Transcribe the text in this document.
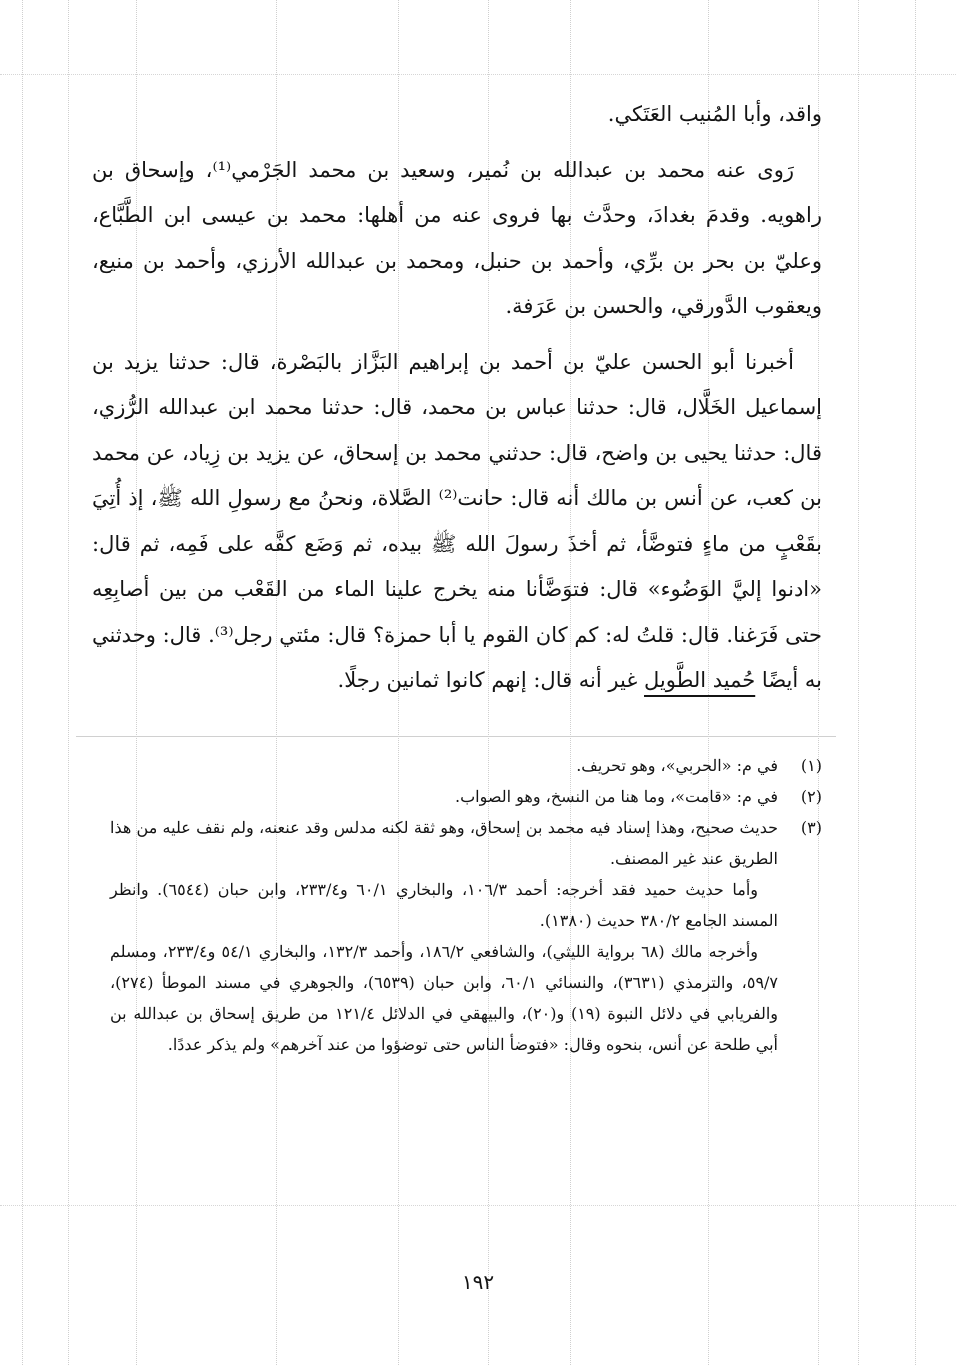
واقد، وأبا المُنيب العَتَكي.

رَوى عنه محمد بن عبدالله بن نُمير، وسعيد بن محمد الجَرْمي⁽¹⁾، وإسحاق بن راهويه. وقدمَ بغدادَ، وحدَّث بها فروى عنه من أهلها: محمد بن عيسى ابن الطَّبَّاع، وعليّ بن بحر بن برِّي، وأحمد بن حنبل، ومحمد بن عبدالله الأرزي، وأحمد بن منيع، ويعقوب الدَّورقي، والحسن بن عَرَفة.

أخبرنا أبو الحسن عليّ بن أحمد بن إبراهيم البَزَّاز بالبَصْرة، قال: حدثنا يزيد بن إسماعيل الخَلَّال، قال: حدثنا عباس بن محمد، قال: حدثنا محمد ابن عبدالله الرُّزي، قال: حدثنا يحيى بن واضح، قال: حدثني محمد بن إسحاق، عن يزيد بن زِياد، عن محمد بن كعب، عن أنس بن مالك أنه قال: حانت⁽²⁾ الصَّلاة، ونحنُ مع رسولِ الله ﷺ، إذ أُتِيَ بقَعْبٍ من ماءٍ فتوضَّأ، ثم أخذَ رسولَ الله ﷺ بيده، ثم وَضَع كفَّه على فَمِه، ثم قال: «ادنوا إليَّ الوَضُوء» قال: فتوَضَّأنا منه يخرج علينا الماء من القَعْب من بين أصابِعِه حتى فَرَغنا. قال: قلتُ له: كم كان القوم يا أبا حمزة؟ قال: مئتي رجل⁽³⁾. قال: وحدثني به أيضًا حُميد الطَّويل غير أنه قال: إنهم كانوا ثمانين رجلًا.

(١)

في م: «الحربي»، وهو تحريف.

(٢)

في م: «قامت»، وما هنا من النسخ، وهو الصواب.

(٣)

حديث صحيح، وهذا إسناد فيه محمد بن إسحاق، وهو ثقة لكنه مدلس وقد عنعنه، ولم نقف عليه من هذا الطريق عند غير المصنف.

وأما حديث حميد فقد أخرجه: أحمد ١٠٦/٣، والبخاري ٦٠/١ و٢٣٣/٤، وابن حبان (٦٥٤٤). وانظر المسند الجامع ٣٨٠/٢ حديث (١٣٨٠).

وأخرجه مالك (٦٨ برواية الليثي)، والشافعي ١٨٦/٢، وأحمد ١٣٢/٣، والبخاري ٥٤/١ و٢٣٣/٤، ومسلم ٥٩/٧، والترمذي (٣٦٣١)، والنسائي ٦٠/١، وابن حبان (٦٥٣٩)، والجوهري في مسند الموطأ (٢٧٤)، والفريابي في دلائل النبوة (١٩) و(٢٠)، والبيهقي في الدلائل ١٢١/٤ من طريق إسحاق بن عبدالله بن أبي طلحة عن أنس، بنحوه وقال: «فتوضأ الناس حتى توضؤوا من عند آخرهم» ولم يذكر عددًا.

١٩٢
